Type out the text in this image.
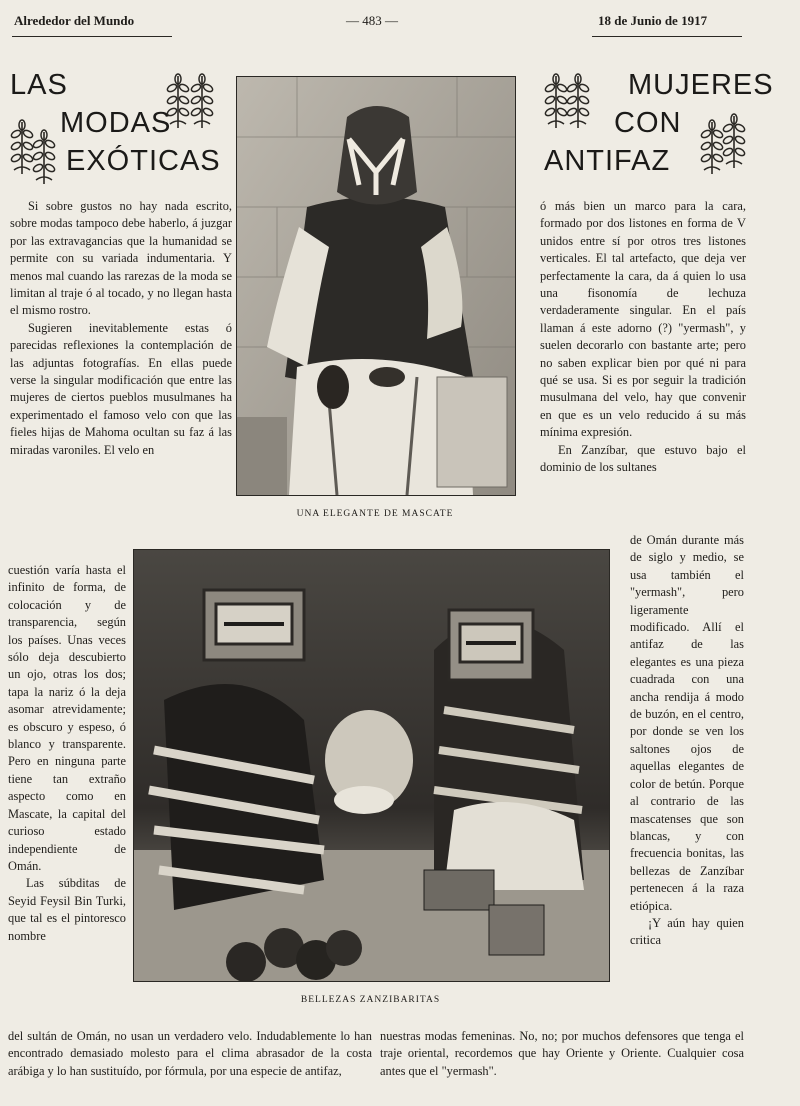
Alrededor del Mundo	— 483 —	18 de Junio de 1917
LAS
MODAS
EXÓTICAS
MUJERES
CON
ANTIFAZ
UNA ELEGANTE DE MASCATE
BELLEZAS ZANZIBARITAS

Si sobre gustos no hay nada escrito, sobre modas tampoco debe haberlo, á juzgar por las extravagancias que la humanidad se permite con su variada indumentaria. Y menos mal cuando las rarezas de la moda se limitan al traje ó al tocado, y no llegan hasta el mismo rostro.

Sugieren inevitablemente estas ó parecidas reflexiones la contemplación de las adjuntas fotografías. En ellas puede verse la singular modificación que entre las mujeres de ciertos pueblos musulmanes ha experimentado el famoso velo con que las fieles hijas de Mahoma ocultan su faz á las miradas varoniles. El velo en

cuestión varía hasta el infinito de forma, de colocación y de transparencia, según los países. Unas veces sólo deja descubierto un ojo, otras los dos; tapa la nariz ó la deja asomar atrevidamente; es obscuro y espeso, ó blanco y transparente. Pero en ninguna parte tiene tan extraño aspecto como en Mascate, la capital del curioso estado independiente de Omán.

Las súbditas de Seyid Feysil Bin Turki, que tal es el pintoresco nombre

del sultán de Omán, no usan un verdadero velo. Indudablemente lo han encontrado demasiado molesto para el clima abrasador de la costa arábiga y lo han sustituído, por fórmula, por una especie de antifaz,

ó más bien un marco para la cara, formado por dos listones en forma de V unidos entre sí por otros tres listones verticales. El tal artefacto, que deja ver perfectamente la cara, da á quien lo usa una fisonomía de lechuza verdaderamente singular. En el país llaman á este adorno (?) "yermash", y suelen decorarlo con bastante arte; pero no saben explicar bien por qué ni para qué se usa. Si es por seguir la tradición musulmana del velo, hay que convenir en que es un velo reducido á su más mínima expresión.

En Zanzíbar, que estuvo bajo el dominio de los sultanes

de Omán durante más de siglo y medio, se usa también el "yermash", pero ligeramente modificado. Allí el antifaz de las elegantes es una pieza cuadrada con una ancha rendija á modo de buzón, en el centro, por donde se ven los saltones ojos de aquellas elegantes de color de betún. Porque al contrario de las mascatenses que son blancas, y con frecuencia bonitas, las bellezas de Zanzíbar pertenecen á la raza etiópica.

¡Y aún hay quien critica

nuestras modas femeninas. No, no; por muchos defensores que tenga el traje oriental, recordemos que hay Oriente y Oriente. Cualquier cosa antes que el "yermash".
